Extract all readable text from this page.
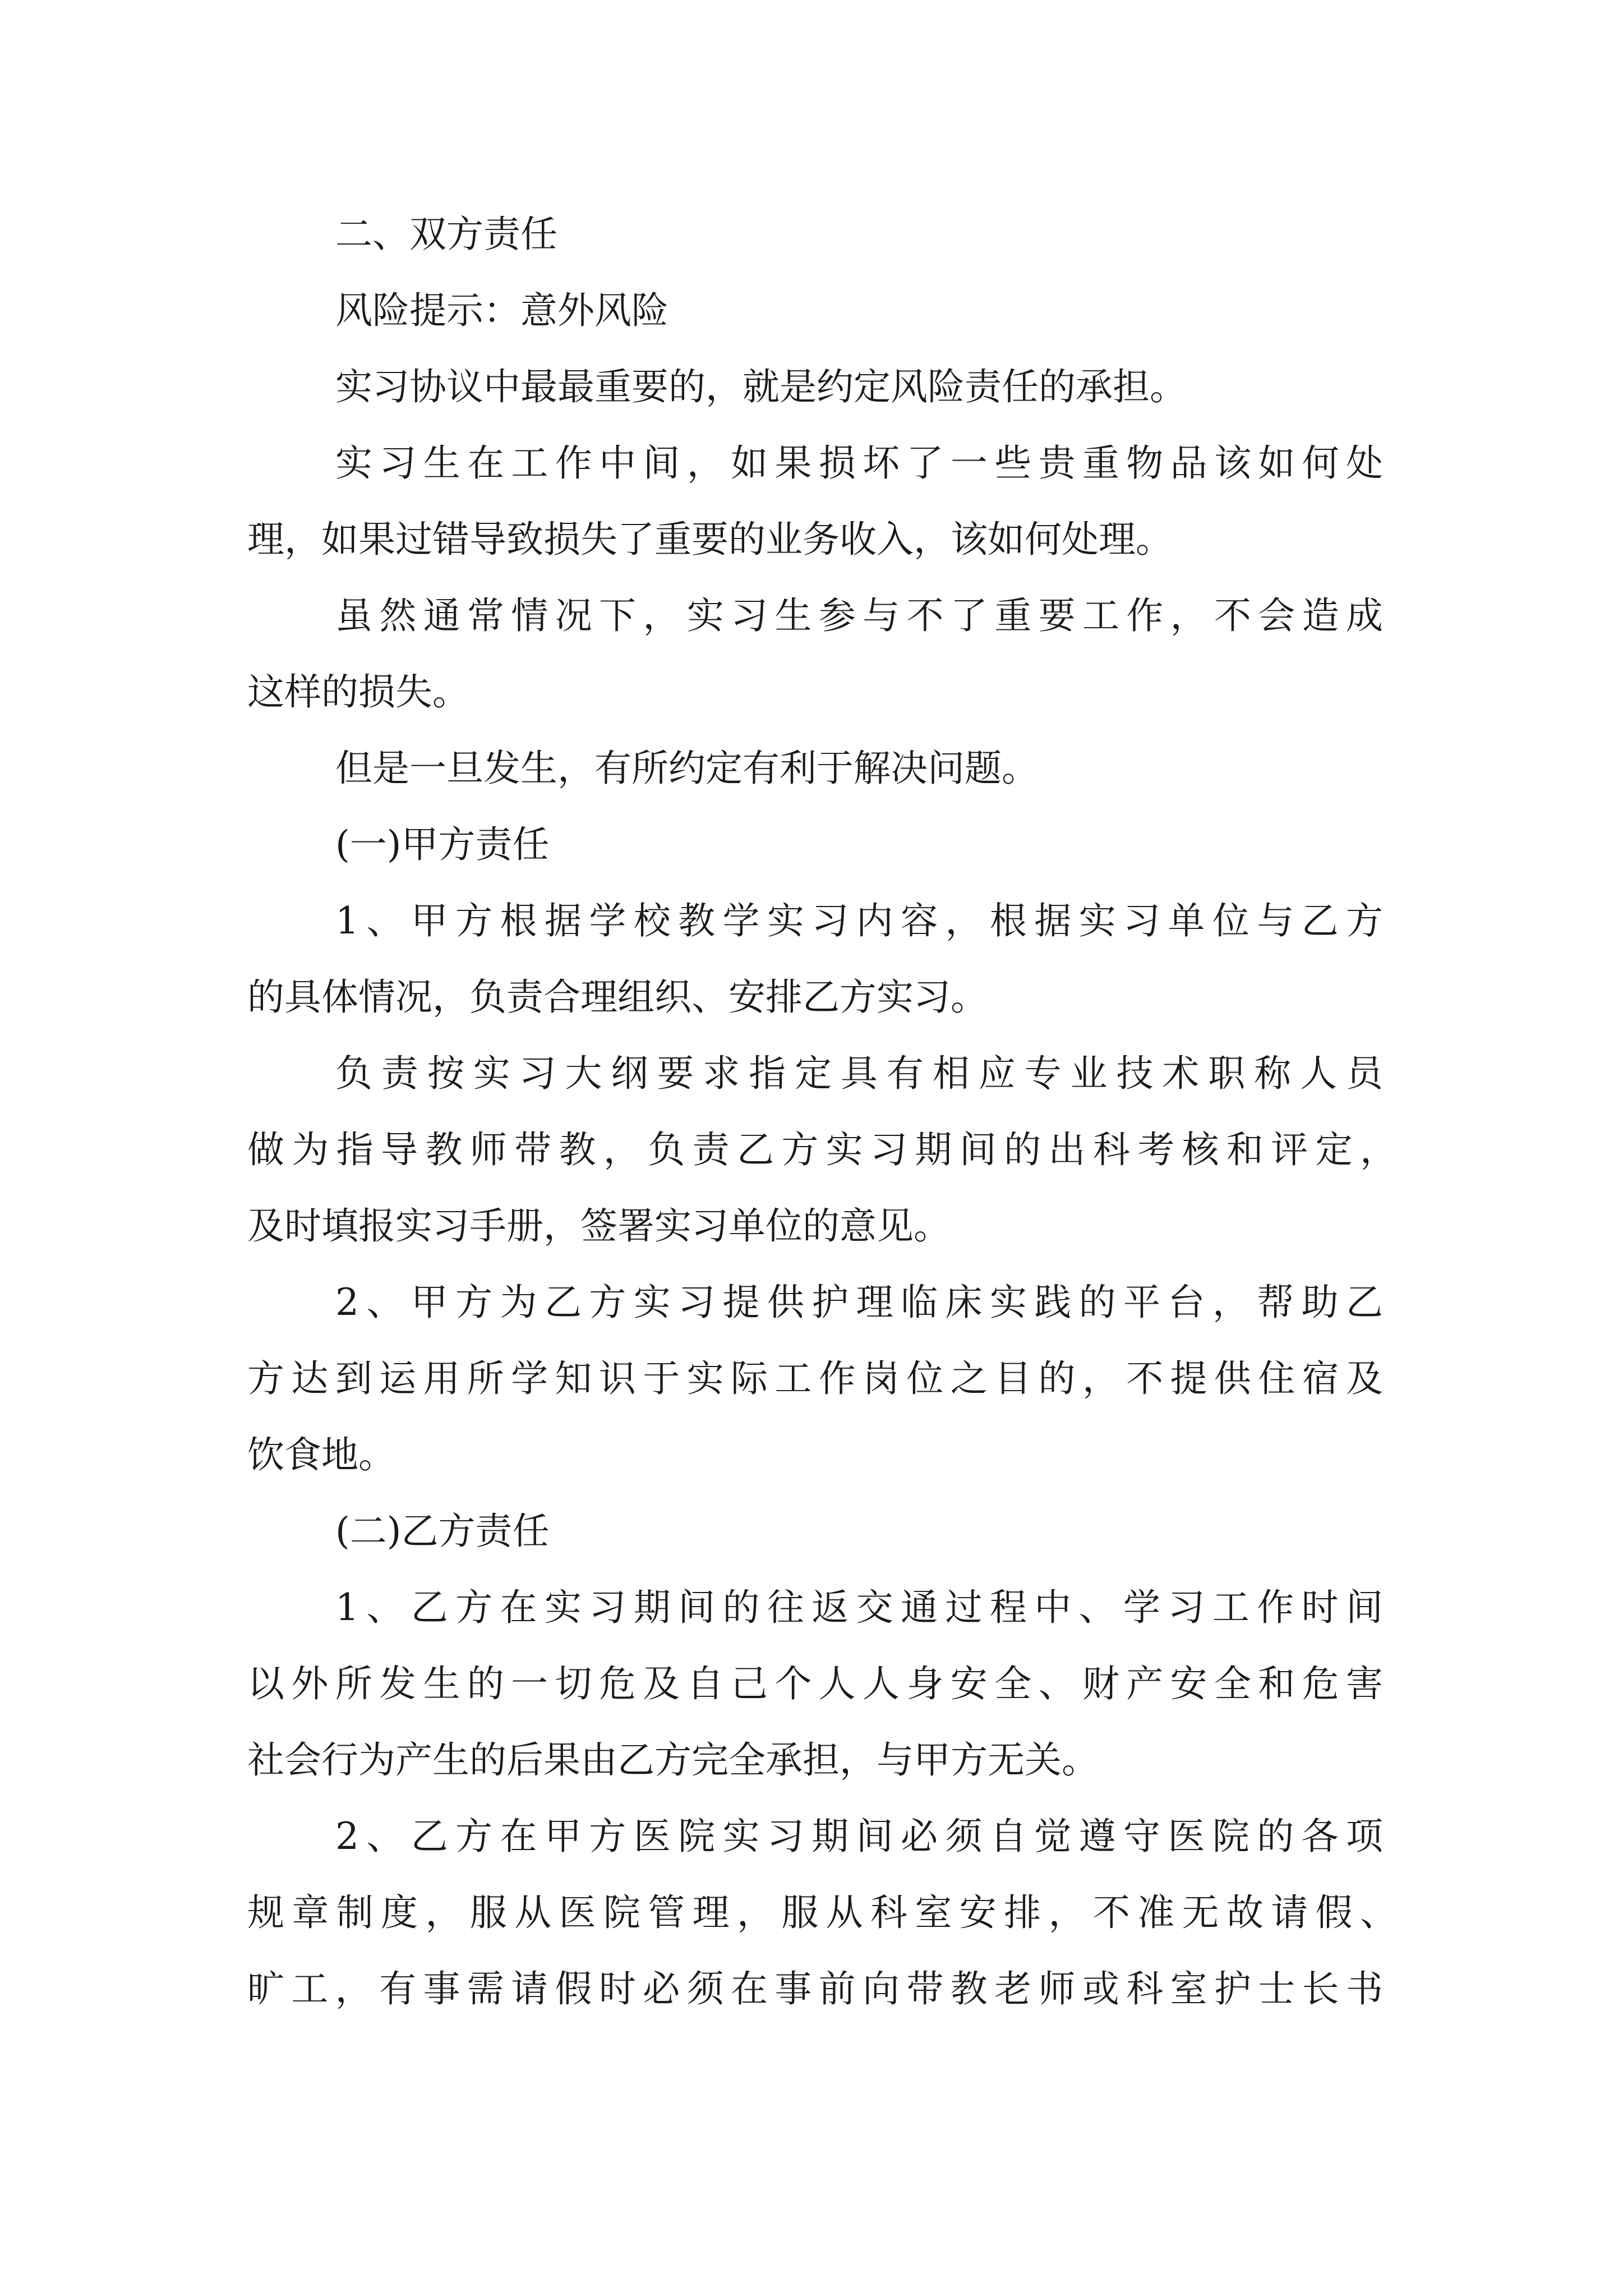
二、双方责任

风险提示：意外风险

实习协议中最最重要的，就是约定风险责任的承担。

实习生在工作中间，如果损坏了一些贵重物品该如何处

理，如果过错导致损失了重要的业务收入，该如何处理。

虽然通常情况下，实习生参与不了重要工作，不会造成

这样的损失。

但是一旦发生，有所约定有利于解决问题。

(一)甲方责任

1、甲方根据学校教学实习内容，根据实习单位与乙方

的具体情况，负责合理组织、安排乙方实习。

负责按实习大纲要求指定具有相应专业技术职称人员

做为指导教师带教，负责乙方实习期间的出科考核和评定，

及时填报实习手册，签署实习单位的意见。

2、甲方为乙方实习提供护理临床实践的平台，帮助乙

方达到运用所学知识于实际工作岗位之目的，不提供住宿及

饮食地。

(二)乙方责任

1、乙方在实习期间的往返交通过程中、学习工作时间

以外所发生的一切危及自己个人人身安全、财产安全和危害

社会行为产生的后果由乙方完全承担，与甲方无关。

2、乙方在甲方医院实习期间必须自觉遵守医院的各项

规章制度，服从医院管理，服从科室安排，不准无故请假、

旷工，有事需请假时必须在事前向带教老师或科室护士长书
